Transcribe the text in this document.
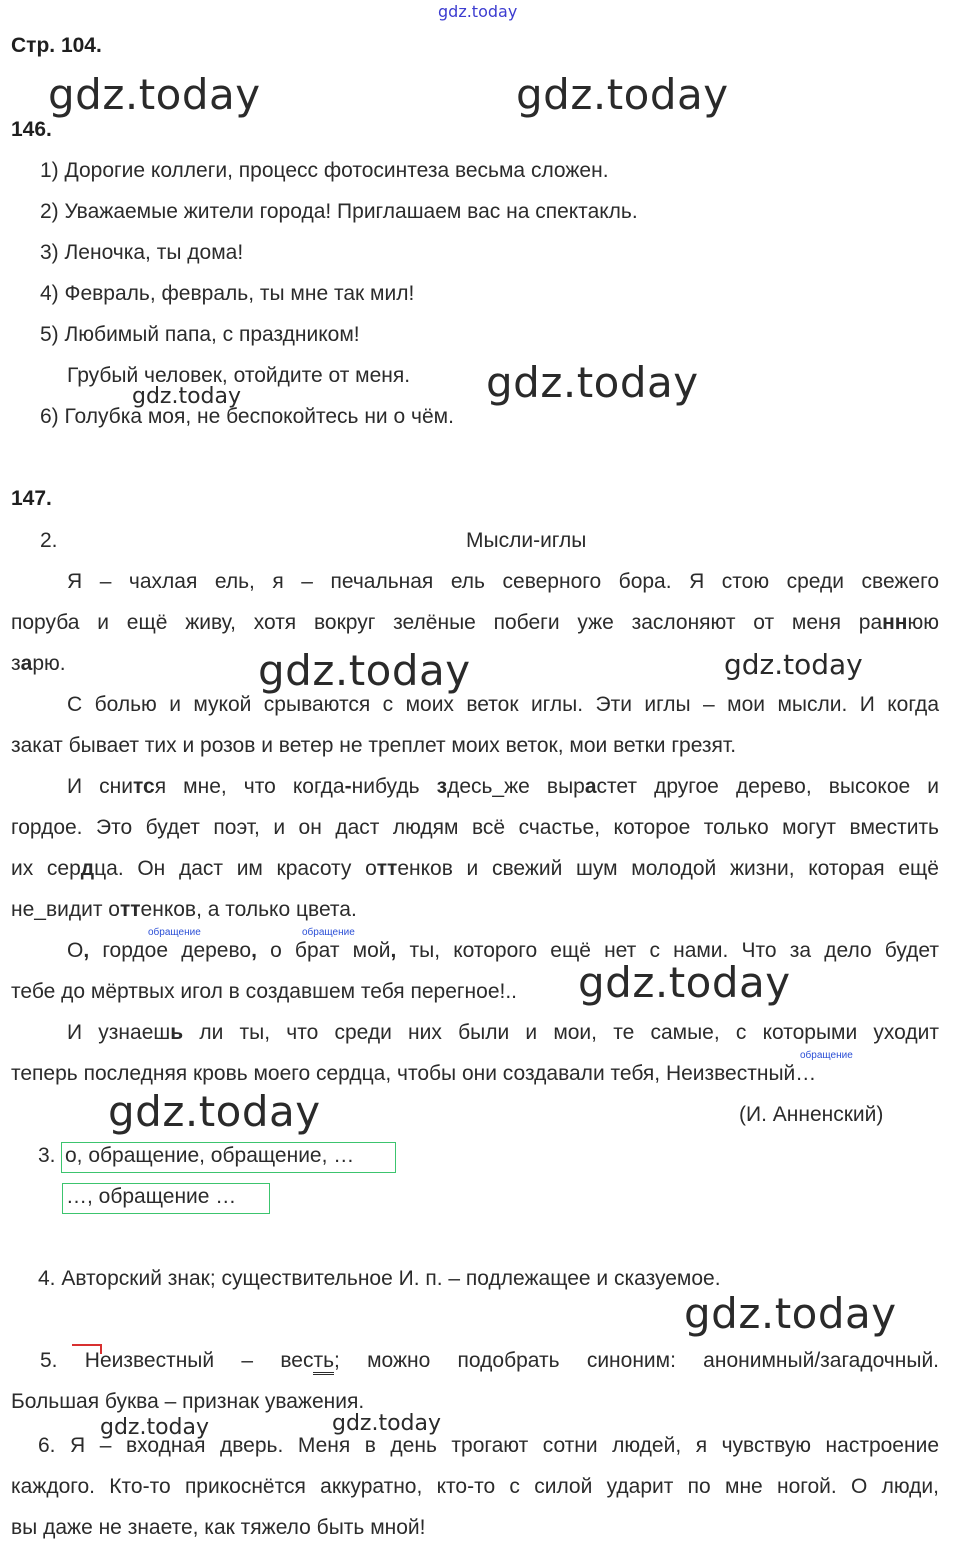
gdz.today
Стр. 104.
146.
1) Дорогие коллеги, процесс фотосинтеза весьма сложен.
2) Уважаемые жители города! Приглашаем вас на спектакль.
3) Леночка, ты дома!
4) Февраль, февраль, ты мне так мил!
5) Любимый папа, с праздником!
Грубый человек, отойдите от меня.
6) Голубка моя, не беспокойтесь ни о чём.
147.
2.	Мысли-иглы
Я – чахлая ель, я – печальная ель северного бора. Я стою среди свежего
поруба и ещё живу, хотя вокруг зелёные побеги уже заслоняют от меня раннюю
зарю.
С болью и мукой срываются с моих веток иглы. Эти иглы – мои мысли. И когда
закат бывает тих и розов и ветер не треплет моих веток, мои ветки грезят.
И снится мне, что когда-нибудь здесь_же вырастет другое дерево, высокое и
гордое. Это будет поэт, и он даст людям всё счастье, которое только могут вместить
их сердца. Он даст им красоту оттенков и свежий шум молодой жизни, которая ещё
не_видит оттенков, а только цвета.
обращение	обращение
О, гордое дерево, о брат мой, ты, которого ещё нет с нами. Что за дело будет
тебе до мёртвых игол в создавшем тебя перегное!..
И узнаешь ли ты, что среди них были и мои, те самые, с которыми уходит
обращение
теперь последняя кровь моего сердца, чтобы они создавали тебя, Неизвестный…
(И. Анненский)
3. о, обращение, обращение, …
…, обращение …
4. Авторский знак; существительное И. п. – подлежащее и сказуемое.
5. Неизвестный – весть; можно подобрать синоним: анонимный/загадочный.
Большая буква – признак уважения.
6. Я – входная дверь. Меня в день трогают сотни людей, я чувствую настроение
каждого. Кто-то прикоснётся аккуратно, кто-то с силой ударит по мне ногой. О люди,
вы даже не знаете, как тяжело быть мной!
gdz.today	gdz.today
gdz.today
gdz.today
gdz.today	gdz.today
gdz.today
gdz.today
gdz.today
gdz.today	gdz.today
